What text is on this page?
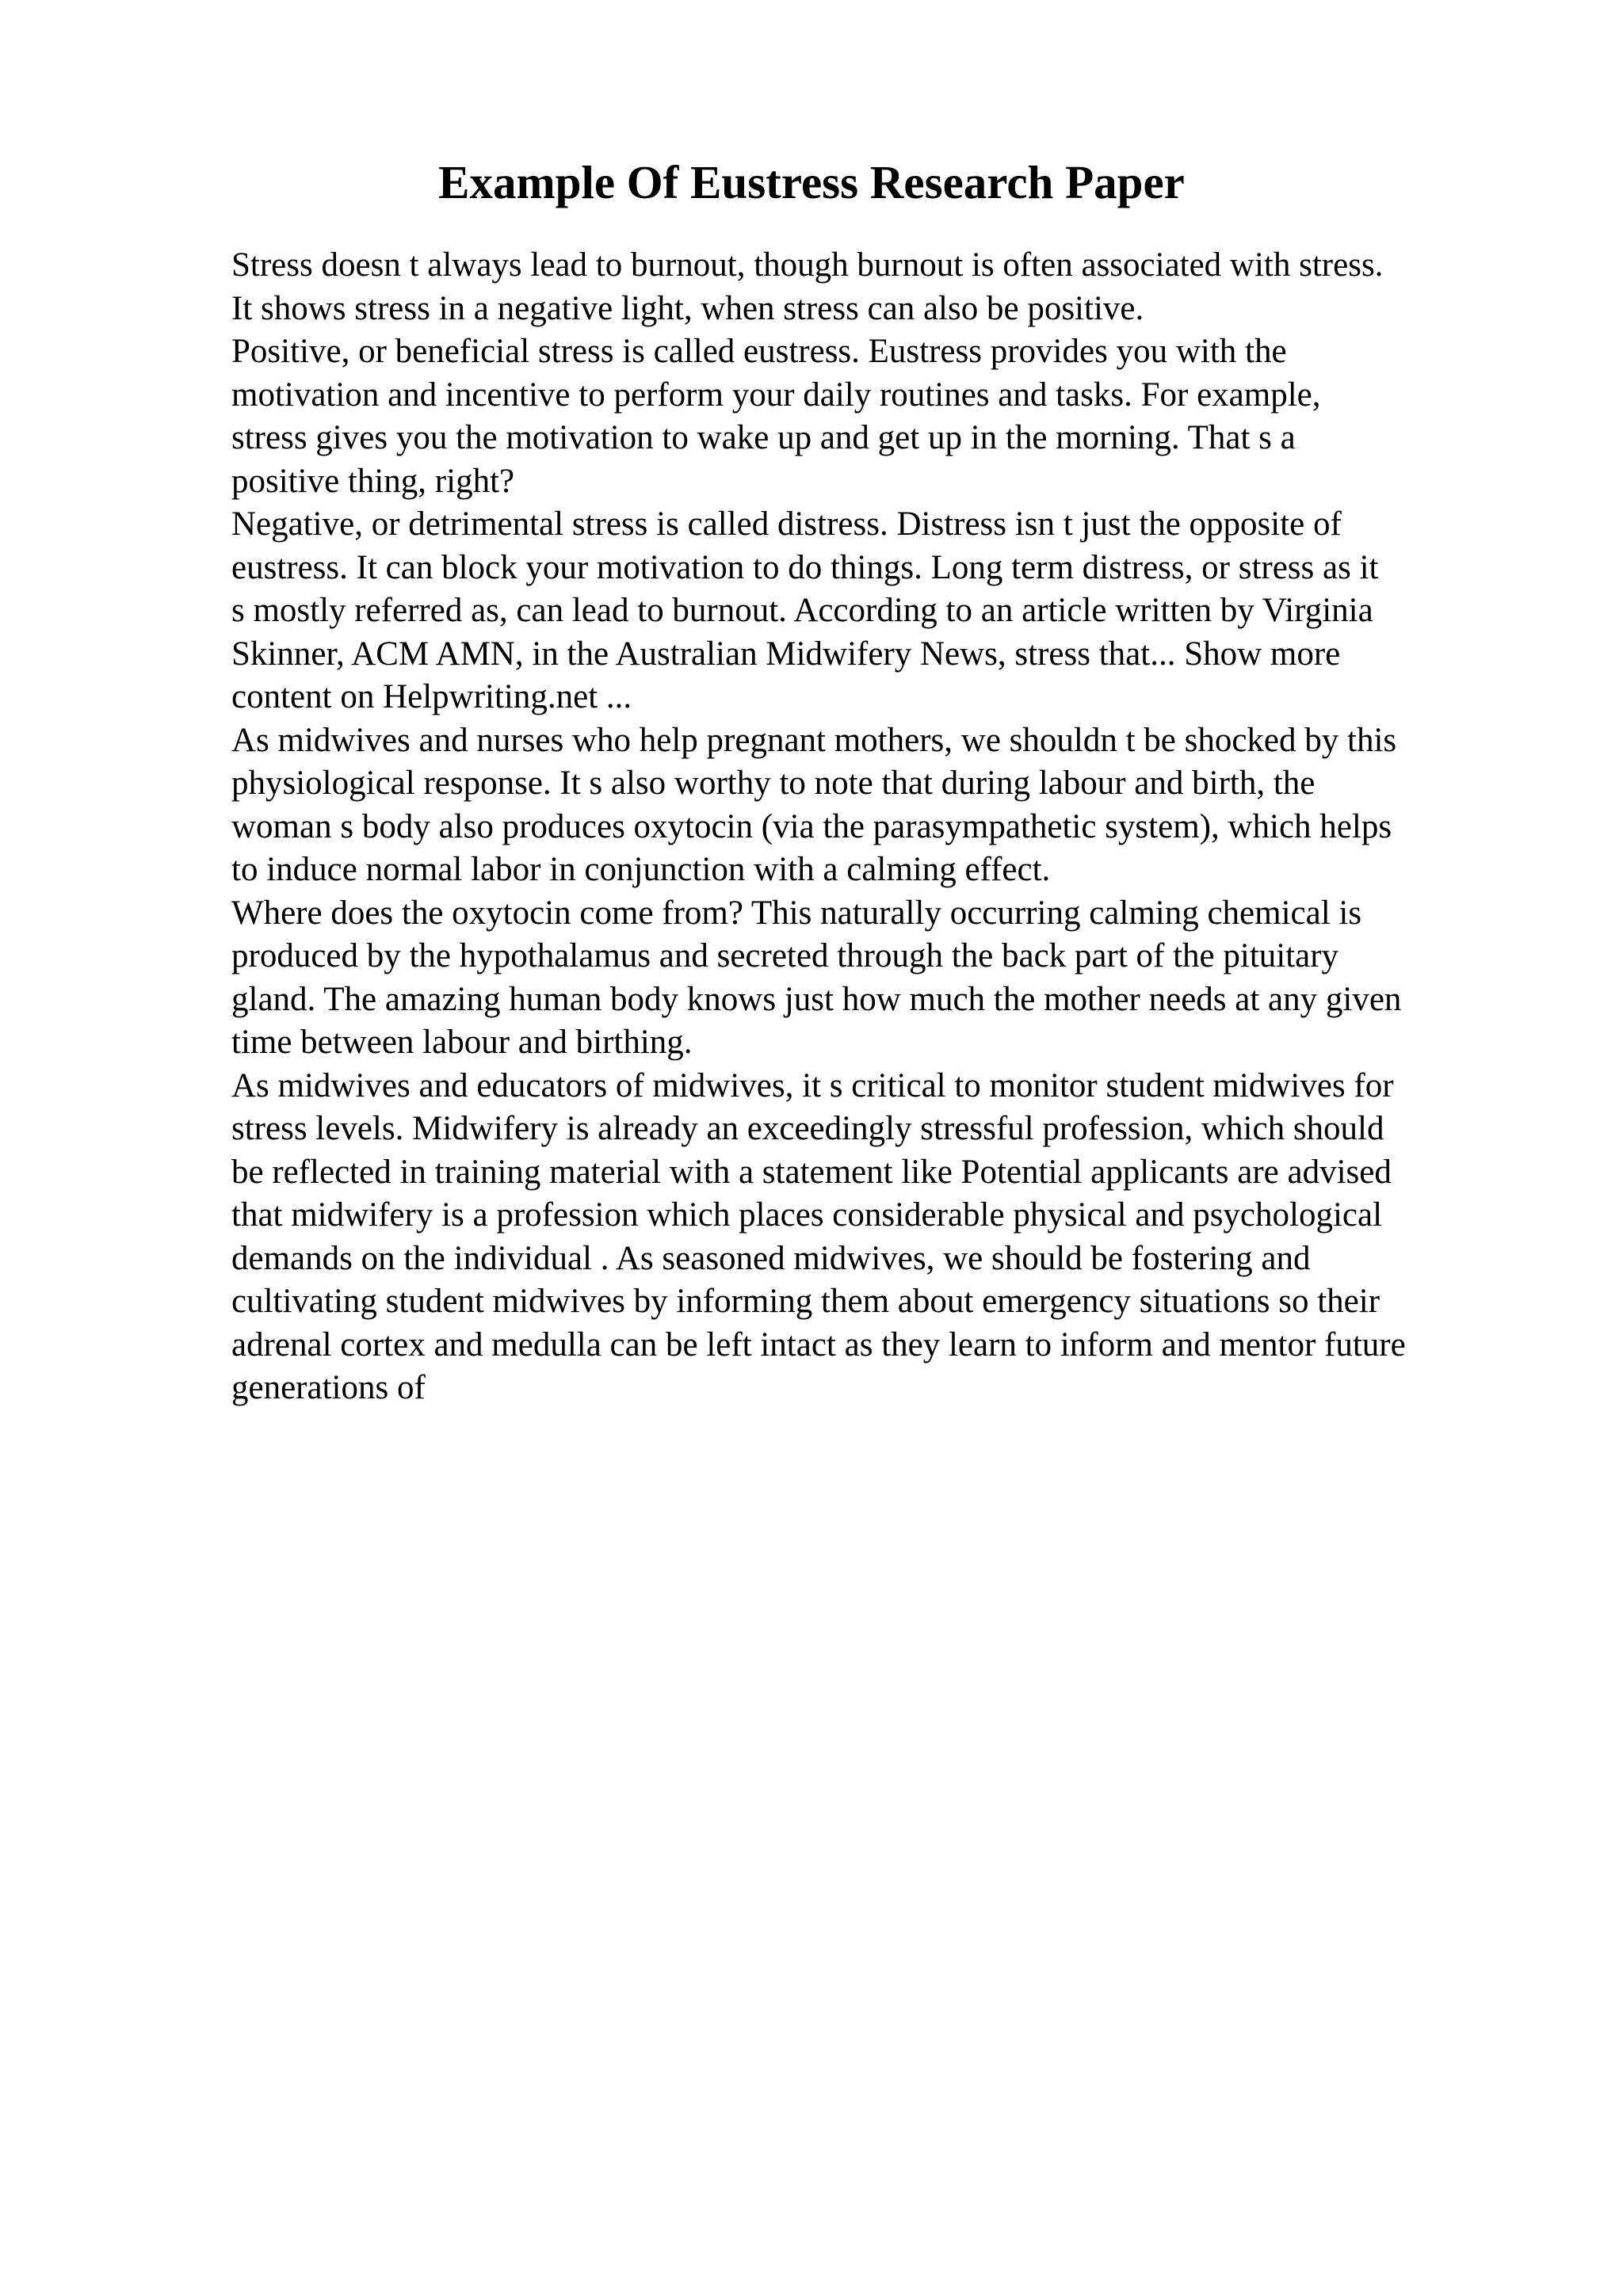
Example Of Eustress Research Paper
Stress doesn t always lead to burnout, though burnout is often associated with stress.
It shows stress in a negative light, when stress can also be positive.
Positive, or beneficial stress is called eustress. Eustress provides you with the
motivation and incentive to perform your daily routines and tasks. For example,
stress gives you the motivation to wake up and get up in the morning. That s a
positive thing, right?
Negative, or detrimental stress is called distress. Distress isn t just the opposite of
eustress. It can block your motivation to do things. Long term distress, or stress as it
s mostly referred as, can lead to burnout. According to an article written by Virginia
Skinner, ACM AMN, in the Australian Midwifery News, stress that... Show more
content on Helpwriting.net ...
As midwives and nurses who help pregnant mothers, we shouldn t be shocked by this
physiological response. It s also worthy to note that during labour and birth, the
woman s body also produces oxytocin (via the parasympathetic system), which helps
to induce normal labor in conjunction with a calming effect.
Where does the oxytocin come from? This naturally occurring calming chemical is
produced by the hypothalamus and secreted through the back part of the pituitary
gland. The amazing human body knows just how much the mother needs at any given
time between labour and birthing.
As midwives and educators of midwives, it s critical to monitor student midwives for
stress levels. Midwifery is already an exceedingly stressful profession, which should
be reflected in training material with a statement like Potential applicants are advised
that midwifery is a profession which places considerable physical and psychological
demands on the individual . As seasoned midwives, we should be fostering and
cultivating student midwives by informing them about emergency situations so their
adrenal cortex and medulla can be left intact as they learn to inform and mentor future
generations of
